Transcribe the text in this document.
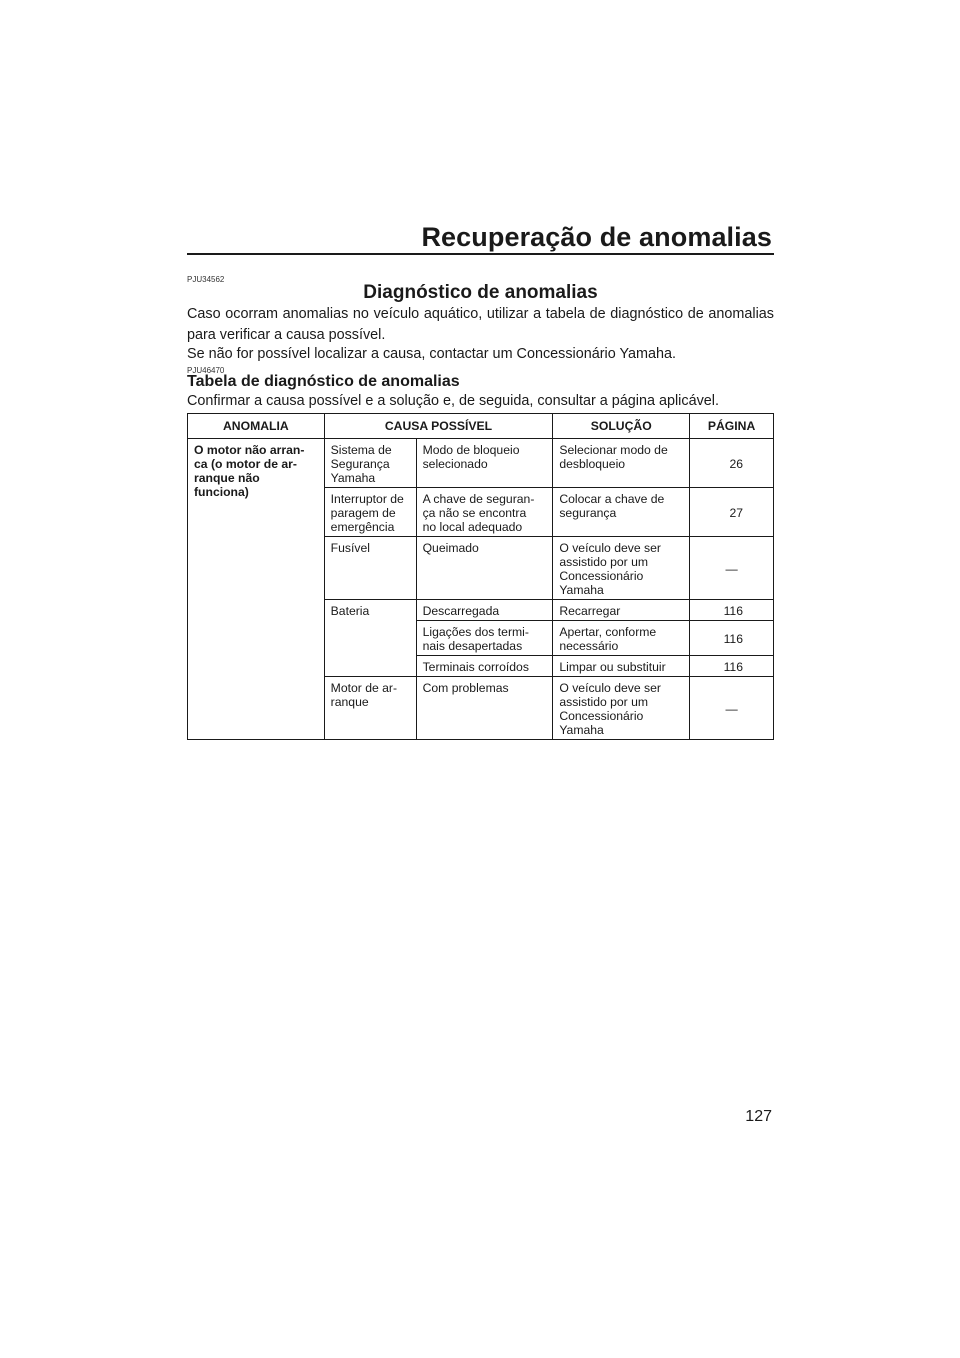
Recuperação de anomalias
PJU34562
Diagnóstico de anomalias
Caso ocorram anomalias no veículo aquático, utilizar a tabela de diagnóstico de anomalias para verificar a causa possível.
Se não for possível localizar a causa, contactar um Concessionário Yamaha.
PJU46470
Tabela de diagnóstico de anomalias
Confirmar a causa possível e a solução e, de seguida, consultar a página aplicável.
ANOMALIA	CAUSA POSSÍVEL		SOLUÇÃO	PÁGINA
O motor não arran-
ca (o motor de ar-
ranque não
funciona)	Sistema de
Segurança
Yamaha	Modo de bloqueio
selecionado	Selecionar modo de
desbloqueio	26
	Interruptor de
paragem de
emergência	A chave de seguran-
ça não se encontra
no local adequado	Colocar a chave de
segurança	27
	Fusível	Queimado	O veículo deve ser
assistido por um
Concessionário
Yamaha	—
	Bateria	Descarregada	Recarregar	116
		Ligações dos termi-
nais desapertadas	Apertar, conforme
necessário	116
		Terminais corroídos	Limpar ou substituir	116
	Motor de ar-
ranque	Com problemas	O veículo deve ser
assistido por um
Concessionário
Yamaha	—
127
